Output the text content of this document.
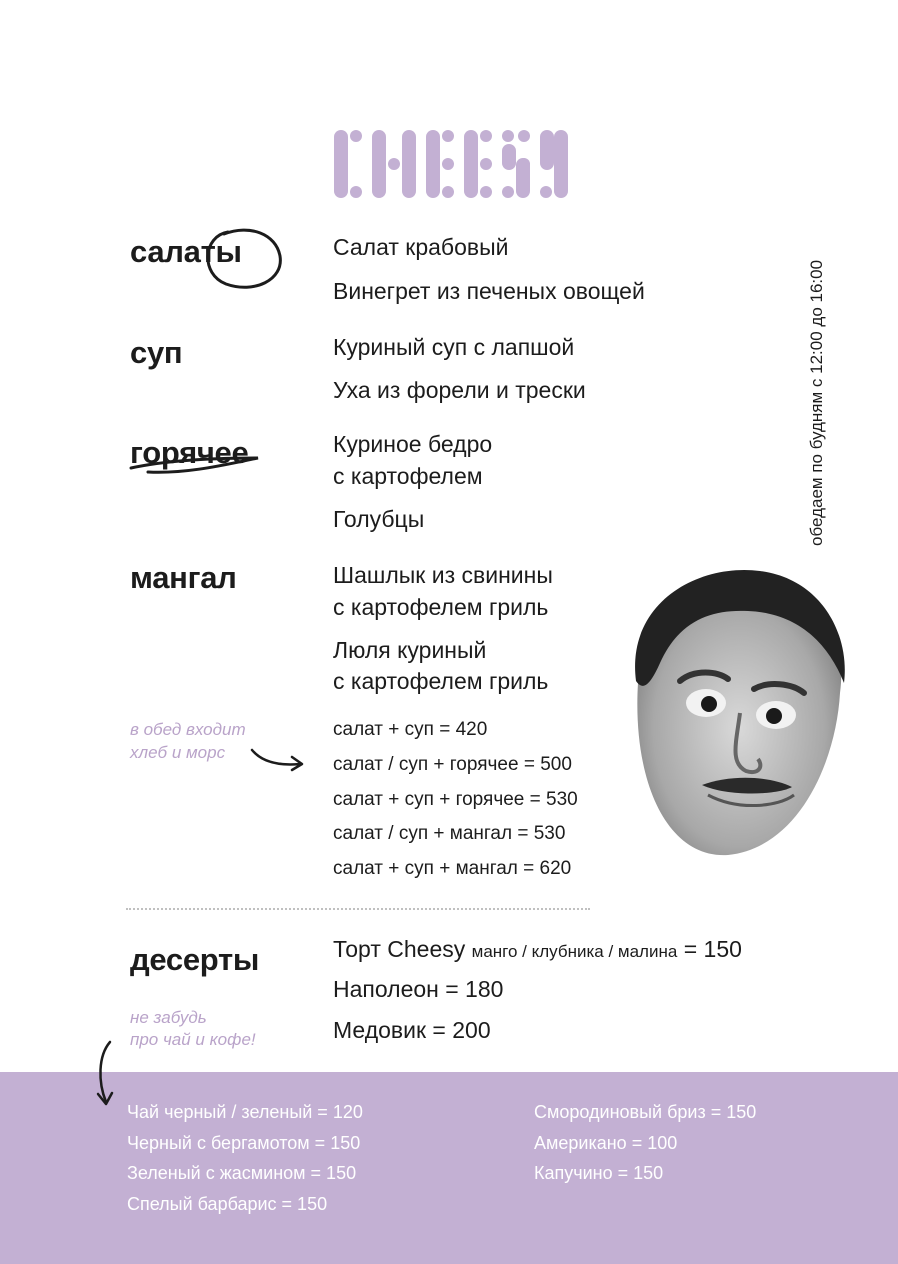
обедаем по будням с 12:00 до 16:00
салаты	Салат крабовый
Винегрет из печеных овощей
суп	Куриный суп с лапшой
Уха из форели и трески
горячее	Куриное бедро
с картофелем
Голубцы
мангал	Шашлык из свинины
с картофелем гриль
Люля куриный
с картофелем гриль
в обед входит
хлеб и морс
салат + суп = 420
салат / суп + горячее = 500
салат + суп + горячее = 530
салат / суп + мангал = 530
салат + суп + мангал = 620
десерты	Торт Cheesy манго / клубника / малина = 150
Наполеон = 180
Медовик = 200
не забудь
про чай и кофе!
Чай черный / зеленый = 120
Черный с бергамотом = 150
Зеленый с жасмином = 150
Спелый барбарис = 150
Смородиновый бриз = 150
Американо = 100
Капучино = 150
